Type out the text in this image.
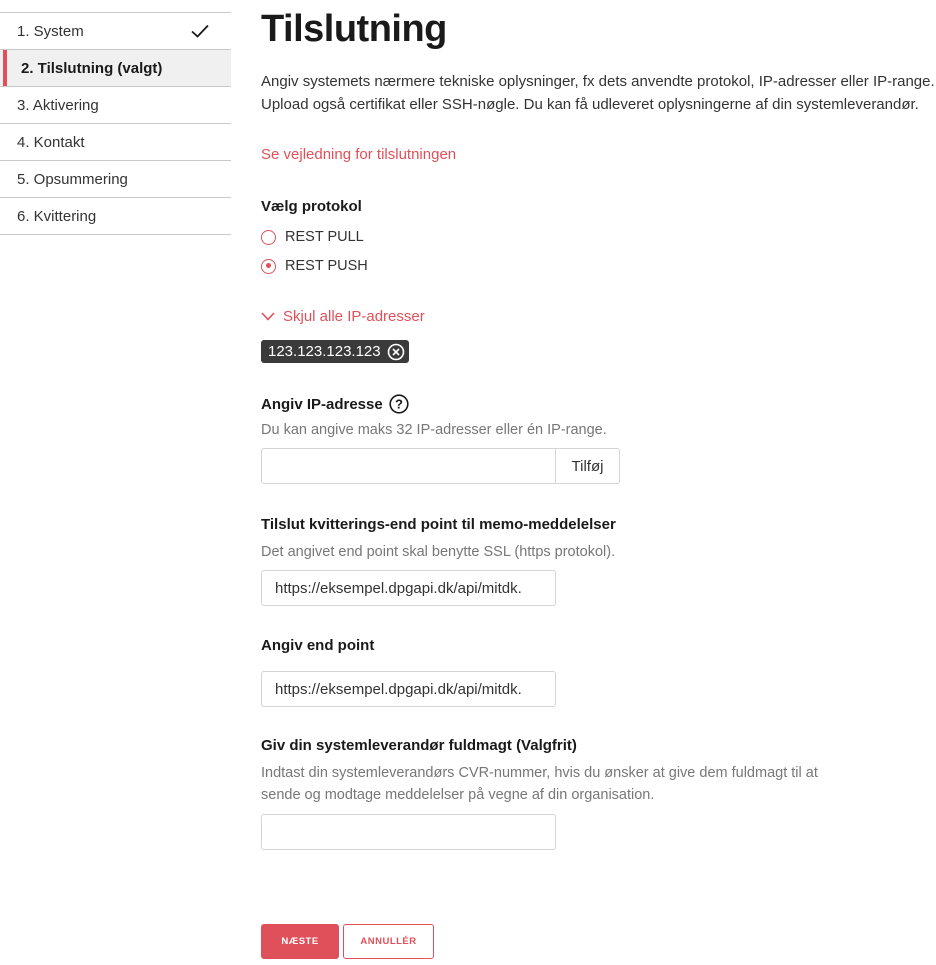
1. System
2. Tilslutning (valgt)
3. Aktivering
4. Kontakt
5. Opsummering
6. Kvittering
Tilslutning

Angiv systemets nærmere tekniske oplysninger, fx dets anvendte protokol, IP-adresser eller IP-range. Upload også certifikat eller SSH-nøgle. Du kan få udleveret oplysningerne af din systemleverandør.

Se vejledning for tilslutningen
Vælg protokol
REST PULL
REST PUSH
Skjul alle IP-adresser
123.123.123.123
Angiv IP-adresse ?
Du kan angive maks 32 IP-adresser eller én IP-range.
Tilføj
Tilslut kvitterings-end point til memo-meddelelser
Det angivet end point skal benytte SSL (https protokol).
https://eksempel.dpgapi.dk/api/mitdk.
Angiv end point
https://eksempel.dpgapi.dk/api/mitdk.
Giv din systemleverandør fuldmagt (Valgfrit)
Indtast din systemleverandørs CVR-nummer, hvis du ønsker at give dem fuldmagt til at sende og modtage meddelelser på vegne af din organisation.
NÆSTE	ANNULLÉR
